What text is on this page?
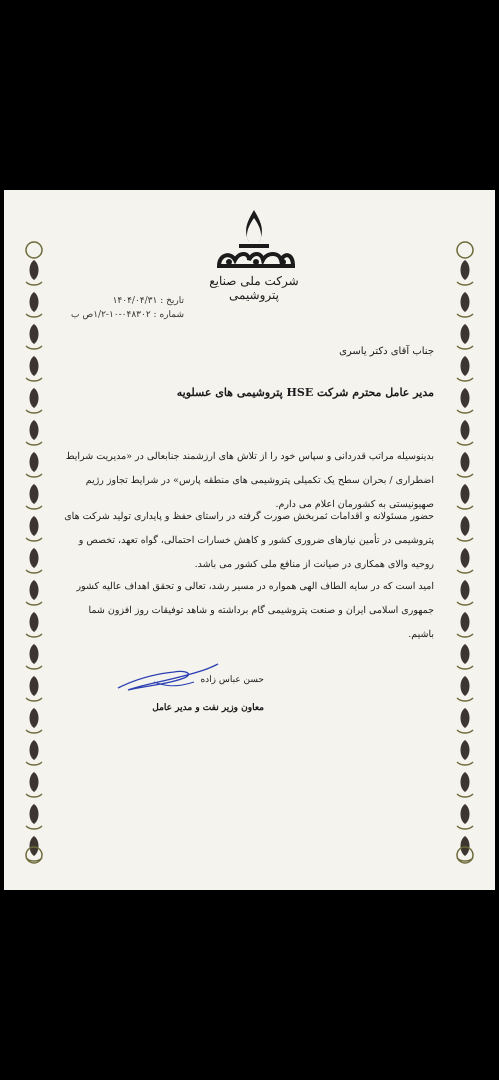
شرکت ملی صنایع پتروشیمی
تاریخ : ۱۴۰۴/۰۴/۳۱
شماره : ۰۴۸۳۰۲-۱۰-۱/۲ص ب
جناب آقای دکتر یاسری
مدیر عامل محترم شرکت HSE پتروشیمی های عسلویه
بدینوسیله مراتب قدردانی و سپاس خود را از تلاش های ارزشمند جنابعالی در «مدیریت شرایط اضطراری / بحران سطح یک تکمیلی پتروشیمی های منطقه پارس» در شرایط تجاوز رژیم صهیونیستی به کشورمان اعلام می دارم.
حضور مسئولانه و اقدامات ثمربخش صورت گرفته در راستای حفظ و پایداری تولید شرکت های پتروشیمی در تأمین نیازهای ضروری کشور و کاهش خسارات احتمالی، گواه تعهد، تخصص و روحیه والای همکاری در صیانت از منافع ملی کشور می باشد.
امید است که در سایه الطاف الهی همواره در مسیر رشد، تعالی و تحقق اهداف عالیه کشور جمهوری اسلامی ایران و صنعت پتروشیمی گام برداشته و شاهد توفیقات روز افزون شما باشیم.
حسن عباس زاده
معاون وزیر نفت و مدیر عامل
